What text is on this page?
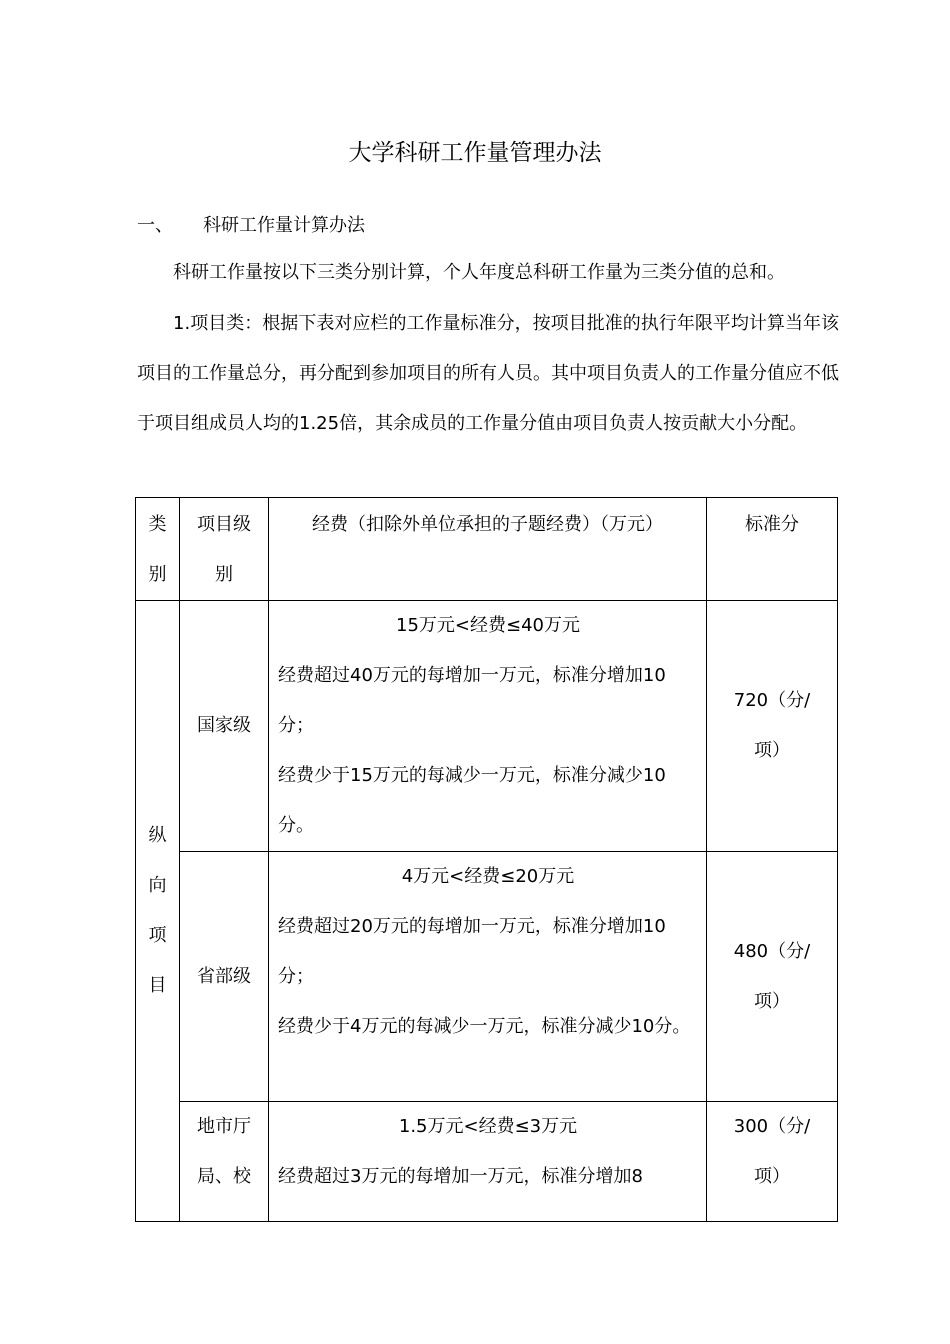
大学科研工作量管理办法
一、 科研工作量计算办法

科研工作量按以下三类分别计算，个人年度总科研工作量为三类分值的总和。

1.项目类：根据下表对应栏的工作量标准分，按项目批准的执行年限平均计算当年该项目的工作量总分，再分配到参加项目的所有人员。其中项目负责人的工作量分值应不低于项目组成员人均的1.25倍，其余成员的工作量分值由项目负责人按贡献大小分配。

类别	项目级别	经费（扣除外单位承担的子题经费）（万元）	标准分
纵向项目	国家级	15万元<经费≤40万元
经费超过40万元的每增加一万元，标准分增加10分；
经费少于15万元的每减少一万元，标准分减少10分。	720（分/项）
	省部级	4万元<经费≤20万元
经费超过20万元的每增加一万元，标准分增加10分；
经费少于4万元的每减少一万元，标准分减少10分。	480（分/项）
	地市厅局、校	1.5万元<经费≤3万元
经费超过3万元的每增加一万元，标准分增加8	300（分/项）
